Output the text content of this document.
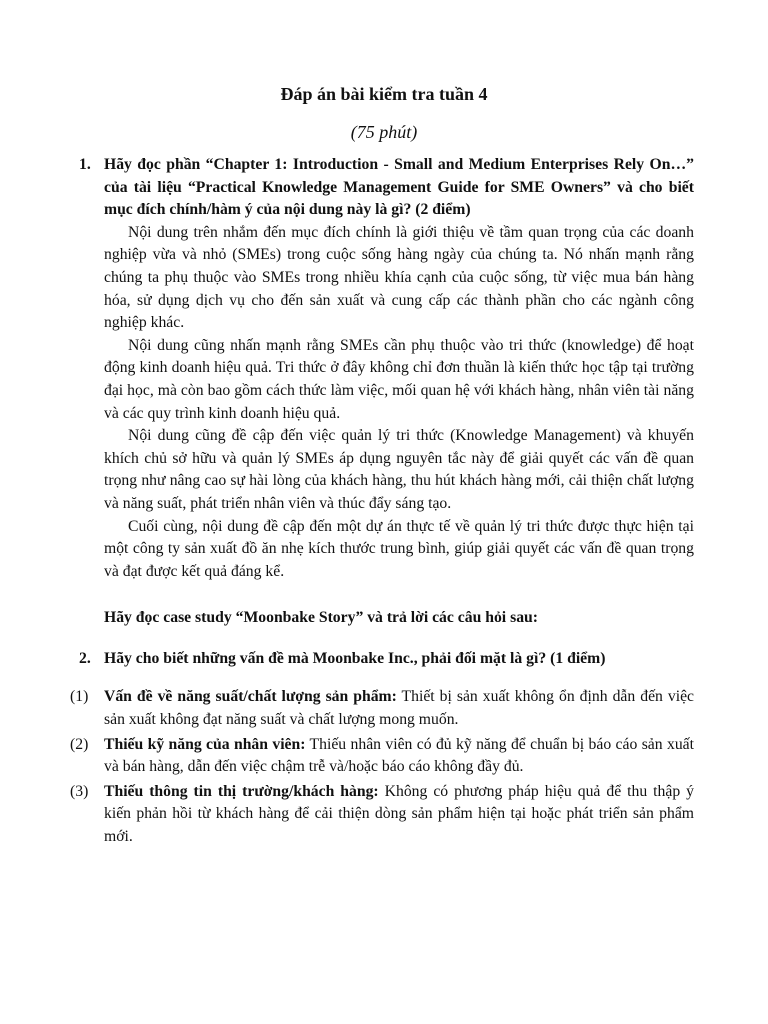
Đáp án bài kiểm tra tuần 4
(75 phút)
1. Hãy đọc phần “Chapter 1: Introduction - Small and Medium Enterprises Rely On…” của tài liệu “Practical Knowledge Management Guide for SME Owners” và cho biết mục đích chính/hàm ý của nội dung này là gì? (2 điểm)

Nội dung trên nhắm đến mục đích chính là giới thiệu về tầm quan trọng của các doanh nghiệp vừa và nhỏ (SMEs) trong cuộc sống hàng ngày của chúng ta. Nó nhấn mạnh rằng chúng ta phụ thuộc vào SMEs trong nhiều khía cạnh của cuộc sống, từ việc mua bán hàng hóa, sử dụng dịch vụ cho đến sản xuất và cung cấp các thành phần cho các ngành công nghiệp khác.

Nội dung cũng nhấn mạnh rằng SMEs cần phụ thuộc vào tri thức (knowledge) để hoạt động kinh doanh hiệu quả. Tri thức ở đây không chỉ đơn thuần là kiến thức học tập tại trường đại học, mà còn bao gồm cách thức làm việc, mối quan hệ với khách hàng, nhân viên tài năng và các quy trình kinh doanh hiệu quả.

Nội dung cũng đề cập đến việc quản lý tri thức (Knowledge Management) và khuyến khích chủ sở hữu và quản lý SMEs áp dụng nguyên tắc này để giải quyết các vấn đề quan trọng như nâng cao sự hài lòng của khách hàng, thu hút khách hàng mới, cải thiện chất lượng và năng suất, phát triển nhân viên và thúc đẩy sáng tạo.

Cuối cùng, nội dung đề cập đến một dự án thực tế về quản lý tri thức được thực hiện tại một công ty sản xuất đồ ăn nhẹ kích thước trung bình, giúp giải quyết các vấn đề quan trọng và đạt được kết quả đáng kể.

Hãy đọc case study “Moonbake Story” và trả lời các câu hỏi sau:
2. Hãy cho biết những vấn đề mà Moonbake Inc., phải đối mặt là gì? (1 điểm)
(1) Vấn đề về năng suất/chất lượng sản phẩm: Thiết bị sản xuất không ổn định dẫn đến việc sản xuất không đạt năng suất và chất lượng mong muốn.
(2) Thiếu kỹ năng của nhân viên: Thiếu nhân viên có đủ kỹ năng để chuẩn bị báo cáo sản xuất và bán hàng, dẫn đến việc chậm trễ và/hoặc báo cáo không đầy đủ.
(3) Thiếu thông tin thị trường/khách hàng: Không có phương pháp hiệu quả để thu thập ý kiến phản hồi từ khách hàng để cải thiện dòng sản phẩm hiện tại hoặc phát triển sản phẩm mới.
